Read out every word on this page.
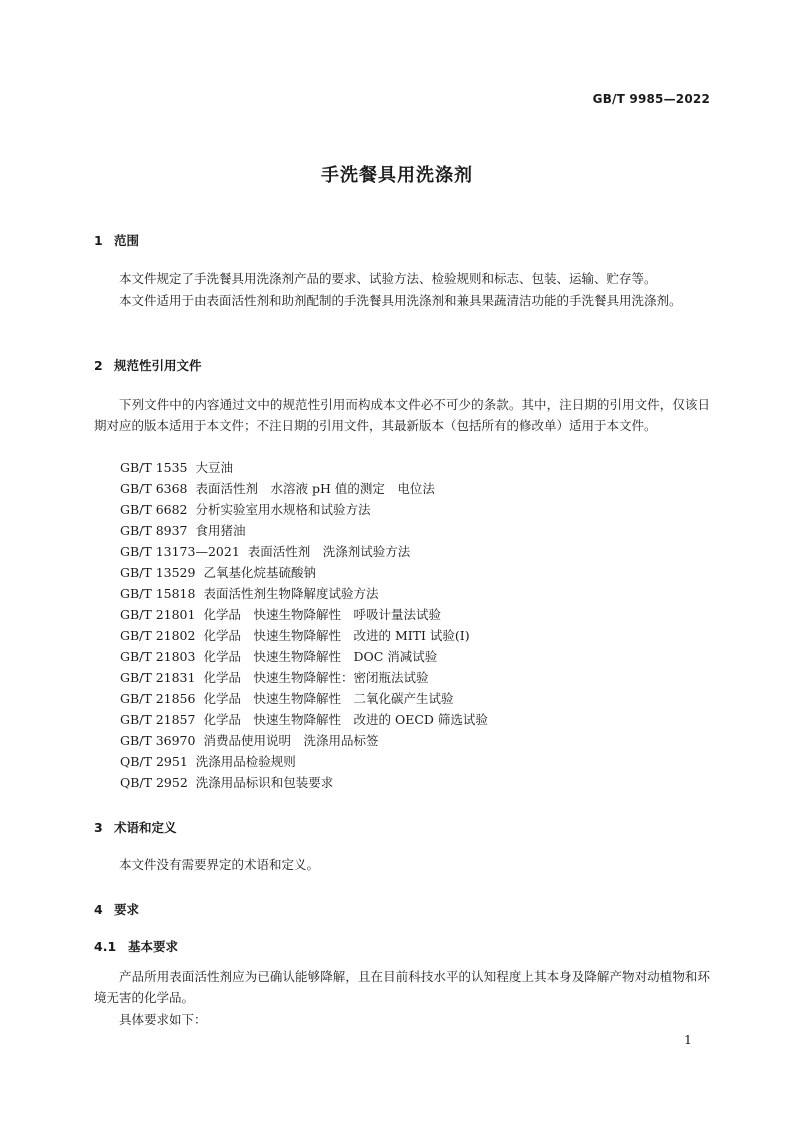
GB/T 9985—2022
手洗餐具用洗涤剂
1 范围

本文件规定了手洗餐具用洗涤剂产品的要求、试验方法、检验规则和标志、包装、运输、贮存等。

本文件适用于由表面活性剂和助剂配制的手洗餐具用洗涤剂和兼具果蔬清洁功能的手洗餐具用洗涤剂。

2 规范性引用文件

下列文件中的内容通过文中的规范性引用而构成本文件必不可少的条款。其中，注日期的引用文件，仅该日期对应的版本适用于本文件；不注日期的引用文件，其最新版本（包括所有的修改单）适用于本文件。

GB/T 1535 大豆油
GB/T 6368 表面活性剂　水溶液 pH 值的测定　电位法
GB/T 6682 分析实验室用水规格和试验方法
GB/T 8937 食用猪油
GB/T 13173—2021 表面活性剂　洗涤剂试验方法
GB/T 13529 乙氧基化烷基硫酸钠
GB/T 15818 表面活性剂生物降解度试验方法
GB/T 21801 化学品　快速生物降解性　呼吸计量法试验
GB/T 21802 化学品　快速生物降解性　改进的 MITI 试验(I)
GB/T 21803 化学品　快速生物降解性　DOC 消减试验
GB/T 21831 化学品　快速生物降解性：密闭瓶法试验
GB/T 21856 化学品　快速生物降解性　二氧化碳产生试验
GB/T 21857 化学品　快速生物降解性　改进的 OECD 筛选试验
GB/T 36970 消费品使用说明　洗涤用品标签
QB/T 2951 洗涤用品检验规则
QB/T 2952 洗涤用品标识和包装要求
3 术语和定义

本文件没有需要界定的术语和定义。

4 要求
4.1 基本要求

产品所用表面活性剂应为已确认能够降解，且在目前科技水平的认知程度上其本身及降解产物对动植物和环境无害的化学品。

具体要求如下：

1
